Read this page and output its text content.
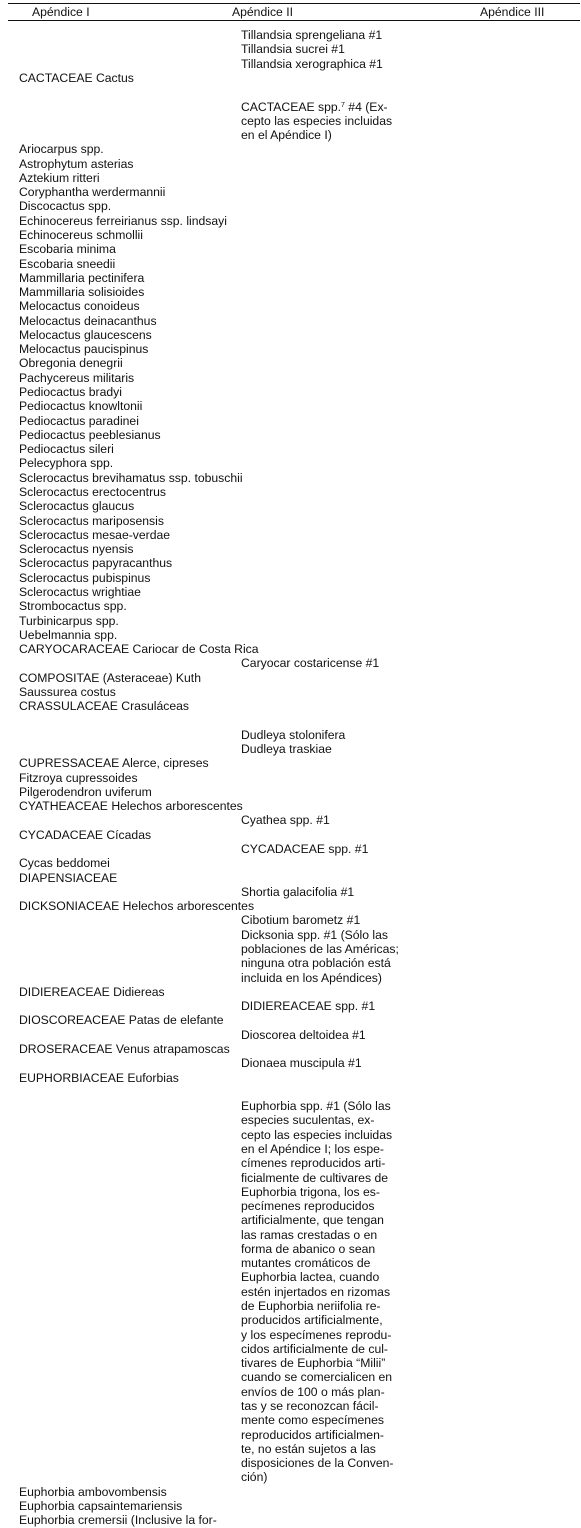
Apéndice I	Apéndice II	Apéndice III
Tillandsia sprengeliana #1
Tillandsia sucrei #1
Tillandsia xerographica #1
CACTACEAE Cactus
CACTACEAE spp.$^7$ #4 (Ex-
cepto las especies incluidas
en el Apéndice I)
Ariocarpus spp.
Astrophytum asterias
Aztekium ritteri
Coryphantha werdermannii
Discocactus spp.
Echinocereus ferreirianus ssp. lindsayi
Echinocereus schmollii
Escobaria minima
Escobaria sneedii
Mammillaria pectinifera
Mammillaria solisioides
Melocactus conoideus
Melocactus deinacanthus
Melocactus glaucescens
Melocactus paucispinus
Obregonia denegrii
Pachycereus militaris
Pediocactus bradyi
Pediocactus knowltonii
Pediocactus paradinei
Pediocactus peeblesianus
Pediocactus sileri
Pelecyphora spp.
Sclerocactus brevihamatus ssp. tobuschii
Sclerocactus erectocentrus
Sclerocactus glaucus
Sclerocactus mariposensis
Sclerocactus mesae-verdae
Sclerocactus nyensis
Sclerocactus papyracanthus
Sclerocactus pubispinus
Sclerocactus wrightiae
Strombocactus spp.
Turbinicarpus spp.
Uebelmannia spp.
CARYOCARACEAE Cariocar de Costa Rica
Caryocar costaricense #1
COMPOSITAE (Asteraceae) Kuth
Saussurea costus
CRASSULACEAE Crasuláceas
Dudleya stolonifera
Dudleya traskiae
CUPRESSACEAE Alerce, cipreses
Fitzroya cupressoides
Pilgerodendron uviferum
CYATHEACEAE Helechos arborescentes
Cyathea spp. #1
CYCADACEAE Cícadas
CYCADACEAE spp. #1
Cycas beddomei
DIAPENSIACEAE
Shortia galacifolia #1
DICKSONIACEAE Helechos arborescentes
Cibotium barometz #1
Dicksonia spp. #1 (Sólo las
poblaciones de las Américas;
ninguna otra población está
incluida en los Apéndices)
DIDIEREACEAE Didiereas
DIDIEREACEAE spp. #1
DIOSCOREACEAE Patas de elefante
Dioscorea deltoidea #1
DROSERACEAE Venus atrapamoscas
Dionaea muscipula #1
EUPHORBIACEAE Euforbias
Euphorbia spp. #1 (Sólo las
especies suculentas, ex-
cepto las especies incluidas
en el Apéndice I; los espe-
címenes reproducidos arti-
ficialmente de cultivares de
Euphorbia trigona, los es-
pecímenes reproducidos
artificialmente, que tengan
las ramas crestadas o en
forma de abanico o sean
mutantes cromáticos de
Euphorbia lactea, cuando
estén injertados en rizomas
de Euphorbia neriifolia re-
producidos artificialmente,
y los especímenes reprodu-
cidos artificialmente de cul-
tivares de Euphorbia “Milii”
cuando se comercialicen en
envíos de 100 o más plan-
tas y se reconozcan fácil-
mente como especímenes
reproducidos artificialmen-
te, no están sujetos a las
disposiciones de la Conven-
ción)
Euphorbia ambovombensis
Euphorbia capsaintemariensis
Euphorbia cremersii (Inclusive la for-
